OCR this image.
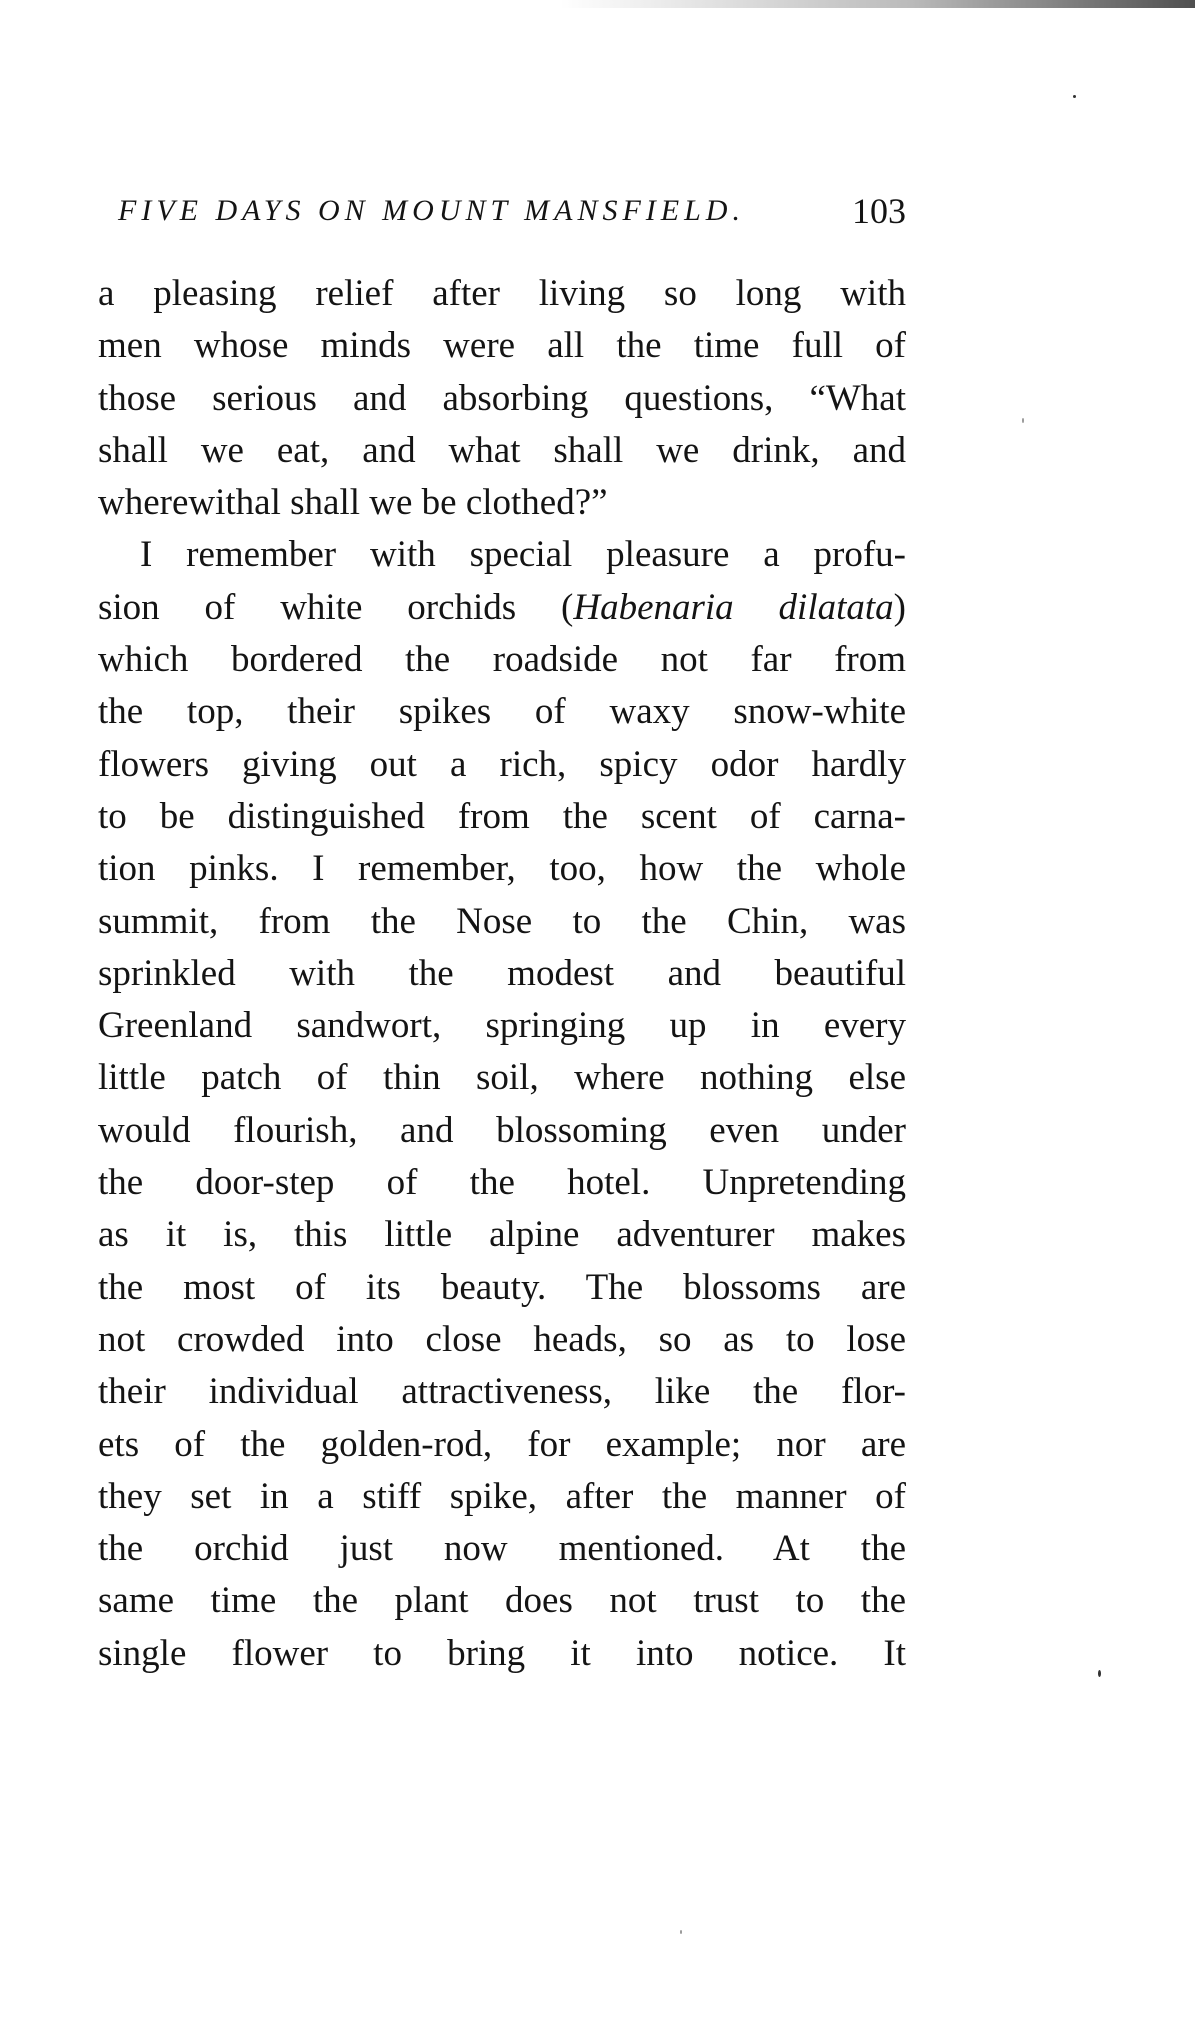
FIVE DAYS ON MOUNT MANSFIELD.	103
a pleasing relief after living so long with
men whose minds were all the time full of
those serious and absorbing questions, “What
shall we eat, and what shall we drink, and
wherewithal shall we be clothed?”
I remember with special pleasure a profu-
sion of white orchids (Habenaria dilatata)
which bordered the roadside not far from
the top, their spikes of waxy snow-white
flowers giving out a rich, spicy odor hardly
to be distinguished from the scent of carna-
tion pinks. I remember, too, how the whole
summit, from the Nose to the Chin, was
sprinkled with the modest and beautiful
Greenland sandwort, springing up in every
little patch of thin soil, where nothing else
would flourish, and blossoming even under
the door-step of the hotel. Unpretending
as it is, this little alpine adventurer makes
the most of its beauty. The blossoms are
not crowded into close heads, so as to lose
their individual attractiveness, like the flor-
ets of the golden-rod, for example; nor are
they set in a stiff spike, after the manner of
the orchid just now mentioned. At the
same time the plant does not trust to the
single flower to bring it into notice. It
